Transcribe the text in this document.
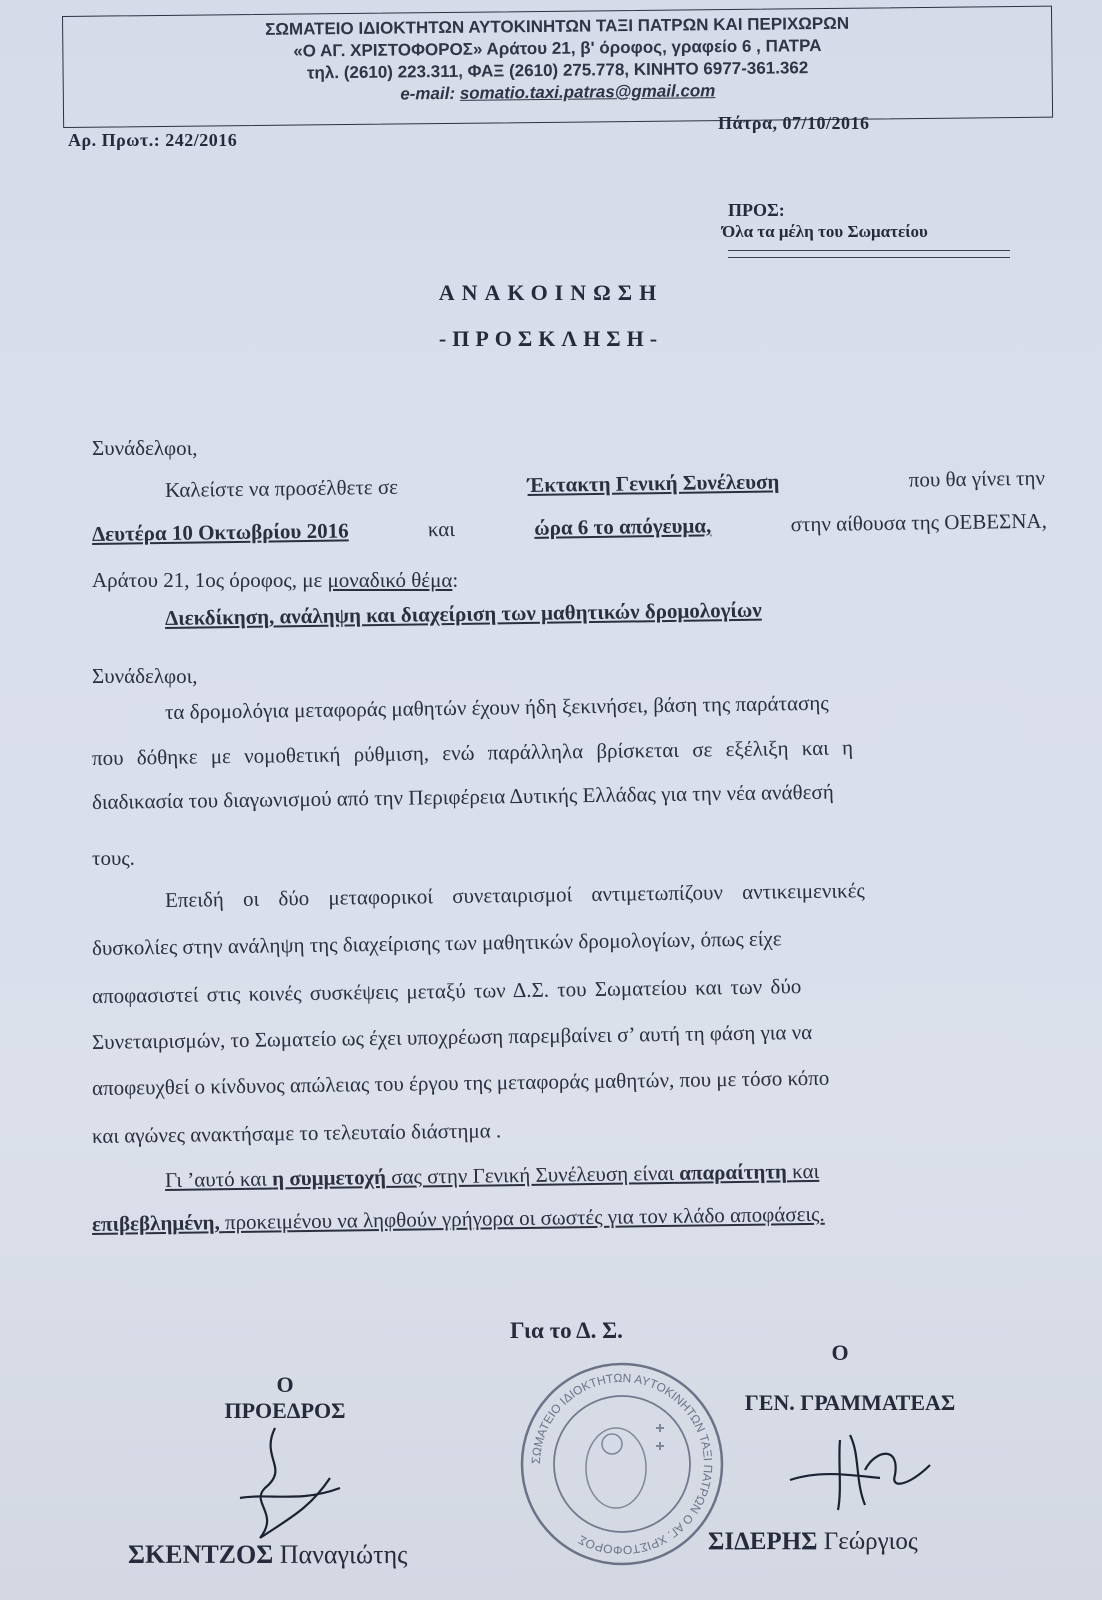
ΣΩΜΑΤΕΙΟ ΙΔΙΟΚΤΗΤΩΝ ΑΥΤΟΚΙΝΗΤΩΝ ΤΑΞΙ ΠΑΤΡΩΝ ΚΑΙ ΠΕΡΙΧΩΡΩΝ
«Ο ΑΓ. ΧΡΙΣΤΟΦΟΡΟΣ» Αράτου 21, β' όροφος, γραφείο 6 , ΠΑΤΡΑ
τηλ. (2610) 223.311, ΦΑΞ (2610) 275.778, ΚΙΝΗΤΟ 6977-361.362
e-mail: somatio.taxi.patras@gmail.com
Αρ. Πρωτ.: 242/2016
Πάτρα, 07/10/2016
ΠΡΟΣ:
Όλα τα μέλη του Σωματείου
ΑΝΑΚΟΙΝΩΣΗ
-ΠΡΟΣΚΛΗΣΗ-
Συνάδελφοι,
Καλείστε να προσέλθετε σε	Έκτακτη Γενική Συνέλευση	που θα γίνει την
Δευτέρα 10 Οκτωβρίου 2016	και	ώρα 6 το απόγευμα,	στην αίθουσα της ΟΕΒΕΣΝΑ,
Αράτου 21, 1ος όροφος, με μοναδικό θέμα:
Διεκδίκηση, ανάληψη και διαχείριση των μαθητικών δρομολογίων
Συνάδελφοι,
τα δρομολόγια μεταφοράς μαθητών έχουν ήδη ξεκινήσει, βάση της παράτασης
που δόθηκε με νομοθετική ρύθμιση, ενώ παράλληλα βρίσκεται σε εξέλιξη και η
διαδικασία του διαγωνισμού από την Περιφέρεια Δυτικής Ελλάδας για την νέα ανάθεσή
τους.
Επειδή οι δύο μεταφορικοί συνεταιρισμοί αντιμετωπίζουν αντικειμενικές
δυσκολίες στην ανάληψη της διαχείρισης των μαθητικών δρομολογίων, όπως είχε
αποφασιστεί στις κοινές συσκέψεις μεταξύ των Δ.Σ. του Σωματείου και των δύο
Συνεταιρισμών, το Σωματείο ως έχει υποχρέωση παρεμβαίνει σ’ αυτή τη φάση για να
αποφευχθεί ο κίνδυνος απώλειας του έργου της μεταφοράς μαθητών, που με τόσο κόπο
και αγώνες ανακτήσαμε το τελευταίο διάστημα .
Γι ’αυτό και η συμμετοχή σας στην Γενική Συνέλευση είναι απαραίτητη και
επιβεβλημένη, προκειμένου να ληφθούν γρήγορα οι σωστές για τον κλάδο αποφάσεις.
Για το Δ. Σ.
Ο
ΠΡΟΕΔΡΟΣ
ΣΚΕΝΤΖΟΣ Παναγιώτης
ΣΩΜΑΤΕΙΟ ΙΔΙΟΚΤΗΤΩΝ ΑΥΤΟΚΙΝΗΤΩΝ ΤΑΞΙ ΠΑΤΡΩΝ Ο ΑΓ. ΧΡΙΣΤΟΦΟΡΟΣ
Ο
ΓΕΝ. ΓΡΑΜΜΑΤΕΑΣ
ΣΙΔΕΡΗΣ Γεώργιος
